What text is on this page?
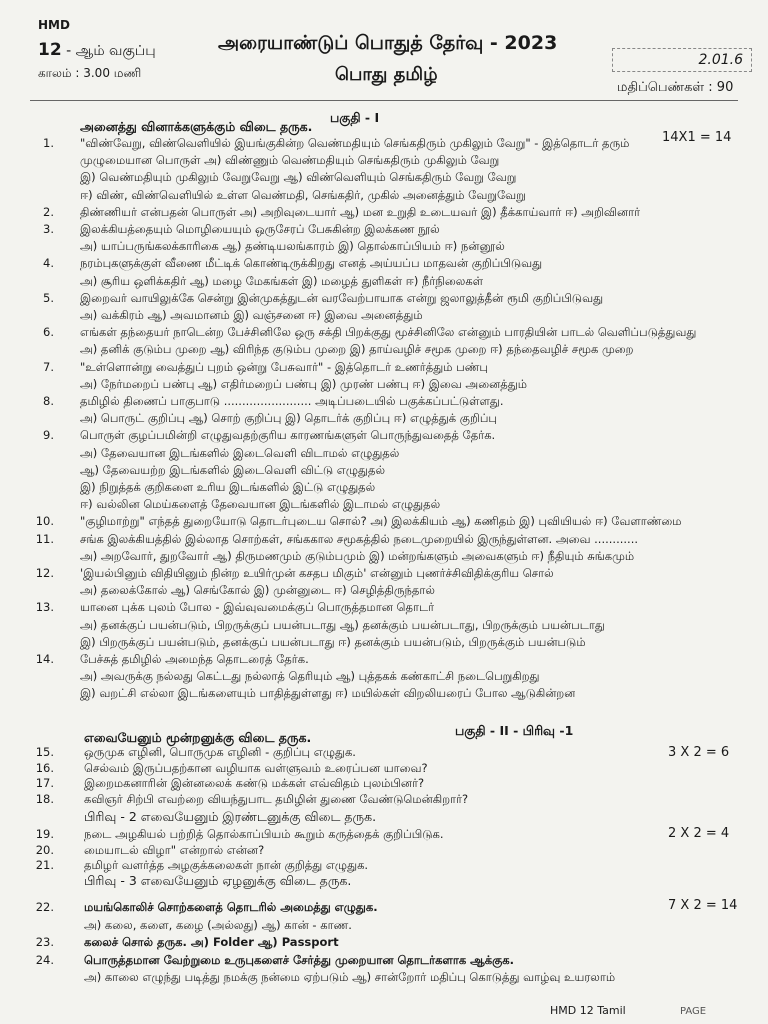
HMD
12 - ஆம் வகுப்பு
காலம் : 3.00 மணி
அரையாண்டுப் பொதுத் தேர்வு - 2023
பொது தமிழ்
2.01.6
மதிப்பெண்கள் : 90
பகுதி - I
அனைத்து வினாக்களுக்கும் விடை தருக.
14X1 = 14
1. "விண்வேறு, விண்வெளியில் இயங்குகின்ற வெண்மதியும் செங்கதிரும் முகிலும் வேறு" - இத்தொடர் தரும்
முழுமையான பொருள் அ) விண்ணும் வெண்மதியும் செங்கதிரும் முகிலும் வேறு
இ) வெண்மதியும் முகிலும் வேறுவேறு ஆ) விண்வெளியும் செங்கதிரும் வேறு வேறு
ஈ) விண், விண்வெளியில் உள்ள வெண்மதி, செங்கதிர், முகில் அனைத்தும் வேறுவேறு
2. திண்ணியர் என்பதன் பொருள் அ) அறிவுடையார் ஆ) மன உறுதி உடையவர் இ) தீக்காய்வார் ஈ) அறிவினார்
3. இலக்கியத்தையும் மொழியையும் ஒருசேரப் பேசுகின்ற இலக்கண நூல்
அ) யாப்பருங்கலக்காரிகை ஆ) தண்டியலங்காரம் இ) தொல்காப்பியம் ஈ) நன்னூல்
4. நரம்புகளுக்குள் வீணை மீட்டிக் கொண்டிருக்கிறது எனத் அய்யப்ப மாதவன் குறிப்பிடுவது
அ) சூரிய ஒளிக்கதிர் ஆ) மழை மேகங்கள் இ) மழைத் துளிகள் ஈ) நீர்நிலைகள்
5. இறைவர் வாயிலுக்கே சென்று இன்முகத்துடன் வரவேற்பாயாக என்று ஜலாலுத்தீன் ரூமி குறிப்பிடுவது
அ) வக்கிரம் ஆ) அவமானம் இ) வஞ்சனை ஈ) இவை அனைத்தும்
6. எங்கள் தந்தையர் நாடென்ற பேச்சினிலே ஒரு சக்தி பிறக்குது மூச்சினிலே என்னும் பாரதியின் பாடல் வெளிப்படுத்துவது
அ) தனிக் குடும்ப முறை ஆ) விரிந்த குடும்ப முறை இ) தாய்வழிச் சமூக முறை ஈ) தந்தைவழிச் சமூக முறை
7. "உள்ளொன்று வைத்துப் புறம் ஒன்று பேசுவார்" - இத்தொடர் உணர்த்தும் பண்பு
அ) நேர்மறைப் பண்பு ஆ) எதிர்மறைப் பண்பு இ) முரண் பண்பு ஈ) இவை அனைத்தும்
8. தமிழில் திணைப் பாகுபாடு ........................ அடிப்படையில் பகுக்கப்பட்டுள்ளது.
அ) பொருட் குறிப்பு ஆ) சொற் குறிப்பு இ) தொடர்க் குறிப்பு ஈ) எழுத்துக் குறிப்பு
9. பொருள் குழப்பமின்றி எழுதுவதற்குரிய காரணங்களுள் பொருந்துவதைத் தேர்க.
அ) தேவையான இடங்களில் இடைவெளி விடாமல் எழுதுதல்
ஆ) தேவையற்ற இடங்களில் இடைவெளி விட்டு எழுதுதல்
இ) நிறுத்தக் குறிகளை உரிய இடங்களில் இட்டு எழுதுதல்
ஈ) வல்லின மெய்களைத் தேவையான இடங்களில் இடாமல் எழுதுதல்
10. "குழிமாற்று" எந்தத் துறையோடு தொடர்புடைய சொல்? அ) இலக்கியம் ஆ) கணிதம் இ) புவியியல் ஈ) வேளாண்மை
11. சங்க இலக்கியத்தில் இல்லாத சொற்கள், சங்ககால சமூகத்தில் நடைமுறையில் இருந்துள்ளன. அவை ............
அ) அறவோர், துறவோர் ஆ) திருமணமும் குடும்பமும் இ) மன்றங்களும் அவைகளும் ஈ) நீதியும் சுங்கமும்
12. 'இயல்பினும் விதியினும் நின்ற உயிர்முன் கசதப மிகும்' என்னும் புணர்ச்சிவிதிக்குரிய சொல்
அ) தலைக்கோல் ஆ) செங்கோல் இ) முன்னுடை ஈ) செழித்திருந்தால்
13. யானை புக்க புலம் போல - இவ்வுவமைக்குப் பொருத்தமான தொடர்
அ) தனக்குப் பயன்படும், பிறருக்குப் பயன்படாது ஆ) தனக்கும் பயன்படாது, பிறருக்கும் பயன்படாது
இ) பிறருக்குப் பயன்படும், தனக்குப் பயன்படாது ஈ) தனக்கும் பயன்படும், பிறருக்கும் பயன்படும்
14. பேச்சுத் தமிழில் அமைந்த தொடரைத் தேர்க.
அ) அவருக்கு நல்லது கெட்டது நல்லாத் தெரியும் ஆ) புத்தகக் கண்காட்சி நடைபெறுகிறது
இ) வறட்சி எல்லா இடங்களையும் பாதித்துள்ளது ஈ) மயில்கள் விறலியரைப் போல ஆடுகின்றன
பகுதி - II - பிரிவு -1
எவையேனும் மூன்றனுக்கு விடை தருக.
3 X 2 = 6
15.	ஒருமுக எழினி, பொருமுக எழினி - குறிப்பு எழுதுக.
16.	செல்வம் இருப்பதற்கான வழியாக வள்ளுவம் உரைப்பன யாவை?
17.	இறைமகனாரின் இன்னலைக் கண்டு மக்கள் எவ்விதம் புலம்பினர்?
18.	கவிஞர் சிற்பி எவற்றை வியந்துபாட தமிழின் துணை வேண்டுமென்கிறார்?
பிரிவு - 2 எவையேனும் இரண்டனுக்கு விடை தருக.
2 X 2 = 4
19.	நடை அழகியல் பற்றித் தொல்காப்பியம் கூறும் கருத்தைக் குறிப்பிடுக.
20.	மையாடல் விழா" என்றால் என்ன?
21.	தமிழர் வளர்த்த அழகுக்கலைகள் நான் குறித்து எழுதுக.
பிரிவு - 3 எவையேனும் ஏழனுக்கு விடை தருக.
7 X 2 = 14
22.	மயங்கொலிச் சொற்களைத் தொடரில் அமைத்து எழுதுக.
அ) கலை, களை, கழை (அல்லது) ஆ) கான் - காண.
23.	கலைச் சொல் தருக. அ) Folder ஆ) Passport
24.	பொருத்தமான வேற்றுமை உருபுகளைச் சேர்த்து முறையான தொடர்களாக ஆக்குக.
அ) காலை எழுந்து படித்து நமக்கு நன்மை ஏற்படும் ஆ) சான்றோர் மதிப்பு கொடுத்து வாழ்வு உயரலாம்
HMD 12 Tamil	PAGE
